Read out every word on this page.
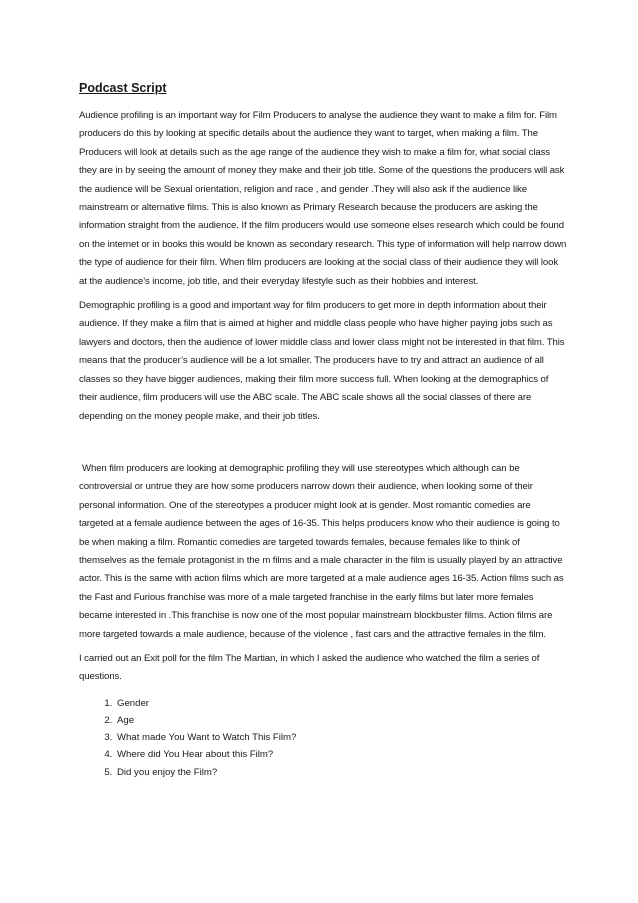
Podcast Script

Audience profiling is an important way for Film Producers to analyse the audience they want to make a film for. Film producers do this by looking at specific details about the audience they want to target, when making a film. The Producers will look at details such as the age range of the audience they wish to make a film for, what social class they are in by seeing the amount of money they make and their job title. Some of the questions the producers will ask the audience will be Sexual orientation, religion and race , and gender .They will also ask if the audience like mainstream or alternative films. This is also known as Primary Research because the producers are asking the information straight from the audience. If the film producers would use someone elses research which could be found on the internet or in books this would be known as secondary research. This type of information will help narrow down the type of audience for their film. When film producers are looking at the social class of their audience they will look at the audience’s income, job title, and their everyday lifestyle such as their hobbies and interest.

Demographic profiling is a good and important way for film producers to get more in depth information about their audience. If they make a film that is aimed at higher and middle class people who have higher paying jobs such as lawyers and doctors, then the audience of lower middle class and lower class might not be interested in that film. This means that the producer’s audience will be a lot smaller. The producers have to try and attract an audience of all classes so they have bigger audiences, making their film more success full. When looking at the demographics of their audience, film producers will use the ABC scale. The ABC scale shows all the social classes of there are depending on the money people make, and their job titles.

When film producers are looking at demographic profiling they will use stereotypes which although can be controversial or untrue they are how some producers narrow down their audience, when looking some of their personal information. One of the stereotypes a producer might look at is gender. Most romantic comedies are targeted at a female audience between the ages of 16-35. This helps producers know who their audience is going to be when making a film. Romantic comedies are targeted towards females, because females like to think of themselves as the female protagonist in the m films and a male character in the film is usually played by an attractive actor. This is the same with action films which are more targeted at a male audience ages 16-35. Action films such as the Fast and Furious franchise was more of a male targeted franchise in the early films but later more females became interested in .This franchise is now one of the most popular mainstream blockbuster films. Action films are more targeted towards a male audience, because of the violence , fast cars and the attractive females in the film.

I carried out an Exit poll for the film The Martian, in which I asked the audience who watched the film a series of questions.

1. Gender
2. Age
3. What made You Want to Watch This Film?
4. Where did You Hear about this Film?
5. Did you enjoy the Film?
